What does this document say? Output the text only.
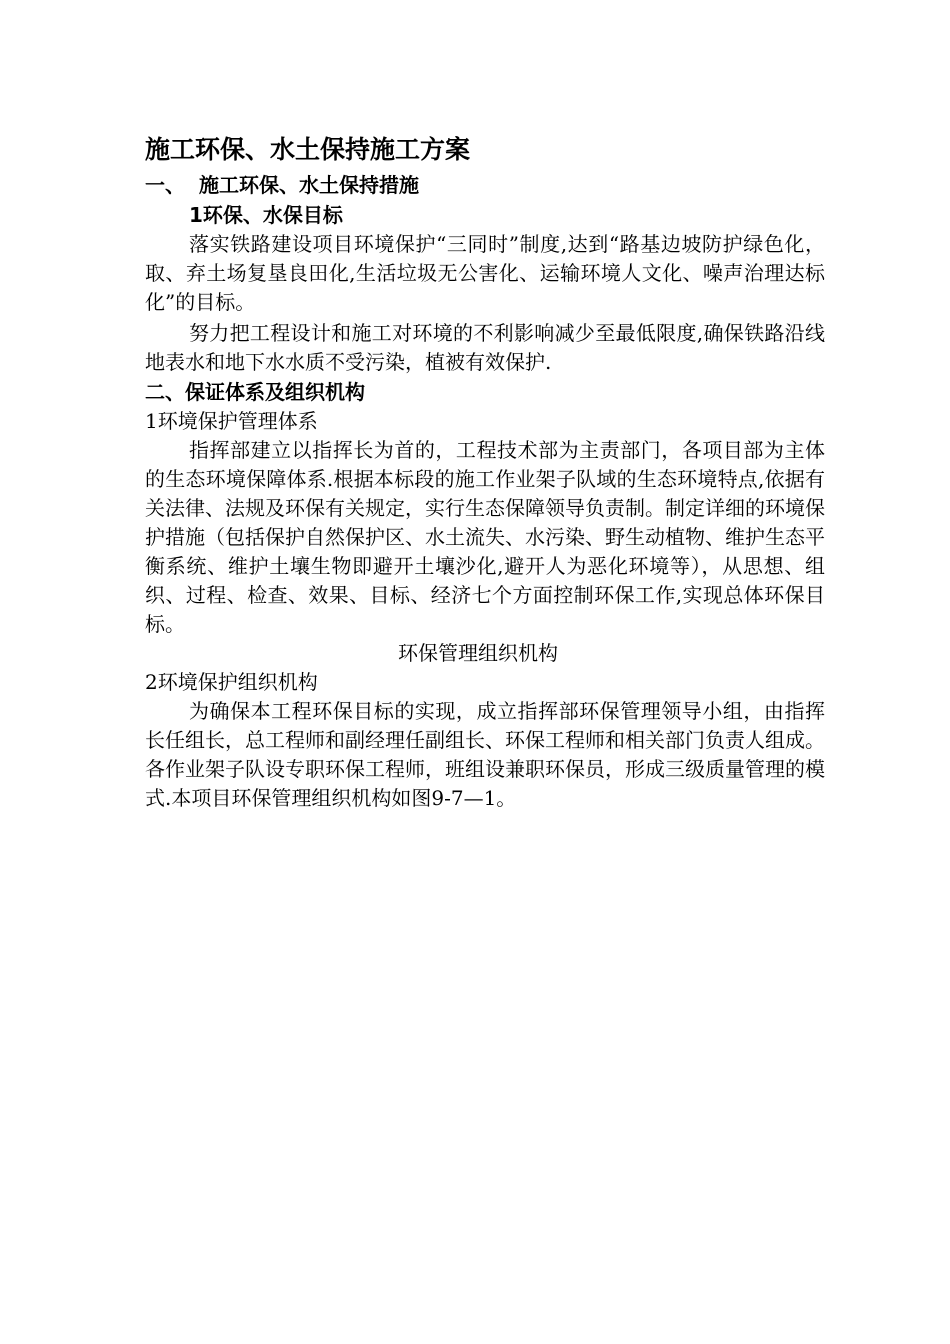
施工环保、水土保持施工方案
一、 施工环保、水土保持措施
1环保、水保目标

落实铁路建设项目环境保护“三同时”制度,达到“路基边坡防护绿色化，取、弃土场复垦良田化,生活垃圾无公害化、运输环境人文化、噪声治理达标化”的目标。

努力把工程设计和施工对环境的不利影响减少至最低限度,确保铁路沿线地表水和地下水水质不受污染，植被有效保护.

二、保证体系及组织机构
1环境保护管理体系

指挥部建立以指挥长为首的，工程技术部为主责部门，各项目部为主体的生态环境保障体系.根据本标段的施工作业架子队域的生态环境特点,依据有关法律、法规及环保有关规定，实行生态保障领导负责制。制定详细的环境保护措施（包括保护自然保护区、水土流失、水污染、野生动植物、维护生态平衡系统、维护土壤生物即避开土壤沙化,避开人为恶化环境等），从思想、组织、过程、检查、效果、目标、经济七个方面控制环保工作,实现总体环保目标。

环保管理组织机构
2环境保护组织机构

为确保本工程环保目标的实现，成立指挥部环保管理领导小组，由指挥长任组长，总工程师和副经理任副组长、环保工程师和相关部门负责人组成。各作业架子队设专职环保工程师，班组设兼职环保员，形成三级质量管理的模式.本项目环保管理组织机构如图9-7—1。
